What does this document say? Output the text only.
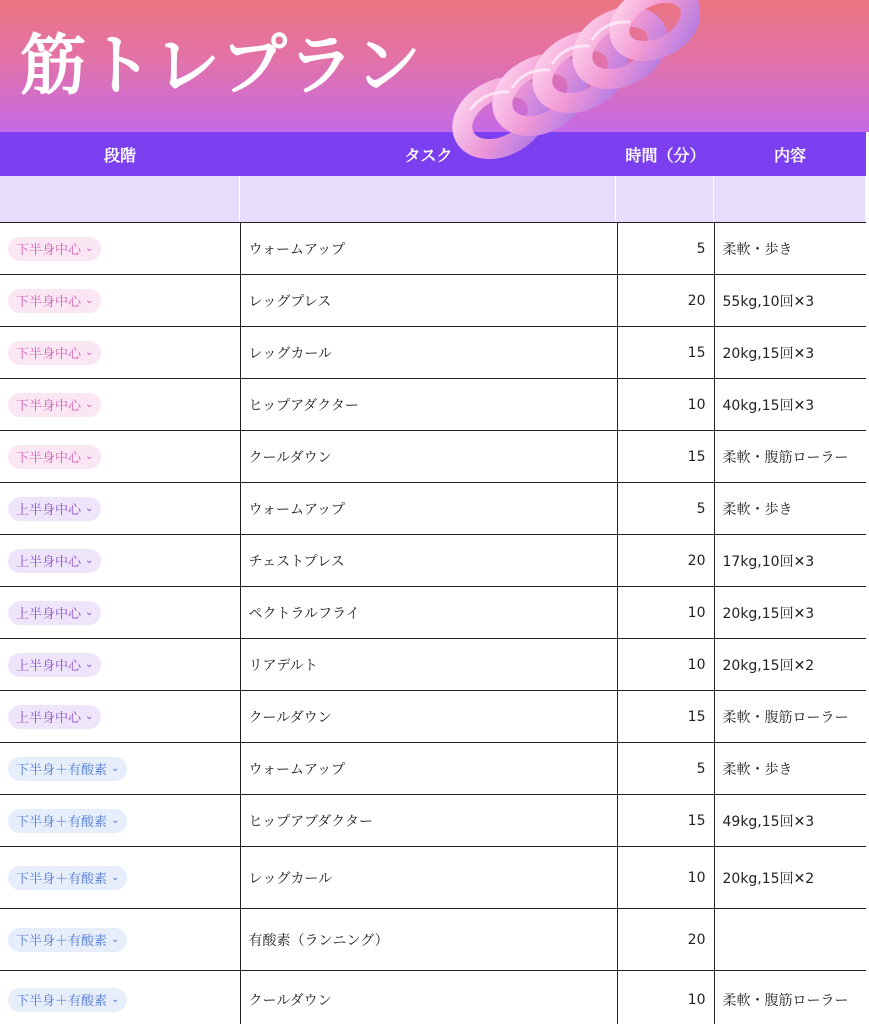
筋トレプラン
段階	タスク	時間（分）	内容
下半身中心 ⌄	ウォームアップ	5	柔軟・歩き

下半身中心 ⌄	レッグプレス	20	55kg,10回✕3

下半身中心 ⌄	レッグカール	15	20kg,15回✕3

下半身中心 ⌄	ヒップアダクター	10	40kg,15回✕3

下半身中心 ⌄	クールダウン	15	柔軟・腹筋ローラー

上半身中心 ⌄	ウォームアップ	5	柔軟・歩き

上半身中心 ⌄	チェストプレス	20	17kg,10回✕3

上半身中心 ⌄	ペクトラルフライ	10	20kg,15回✕3

上半身中心 ⌄	リアデルト	10	20kg,15回✕2

上半身中心 ⌄	クールダウン	15	柔軟・腹筋ローラー

下半身＋有酸素 ⌄	ウォームアップ	5	柔軟・歩き

下半身＋有酸素 ⌄	ヒップアブダクター	15	49kg,15回✕3

下半身＋有酸素 ⌄	レッグカール	10	20kg,15回✕2

下半身＋有酸素 ⌄	有酸素（ランニング）	20	

下半身＋有酸素 ⌄	クールダウン	10	柔軟・腹筋ローラー
